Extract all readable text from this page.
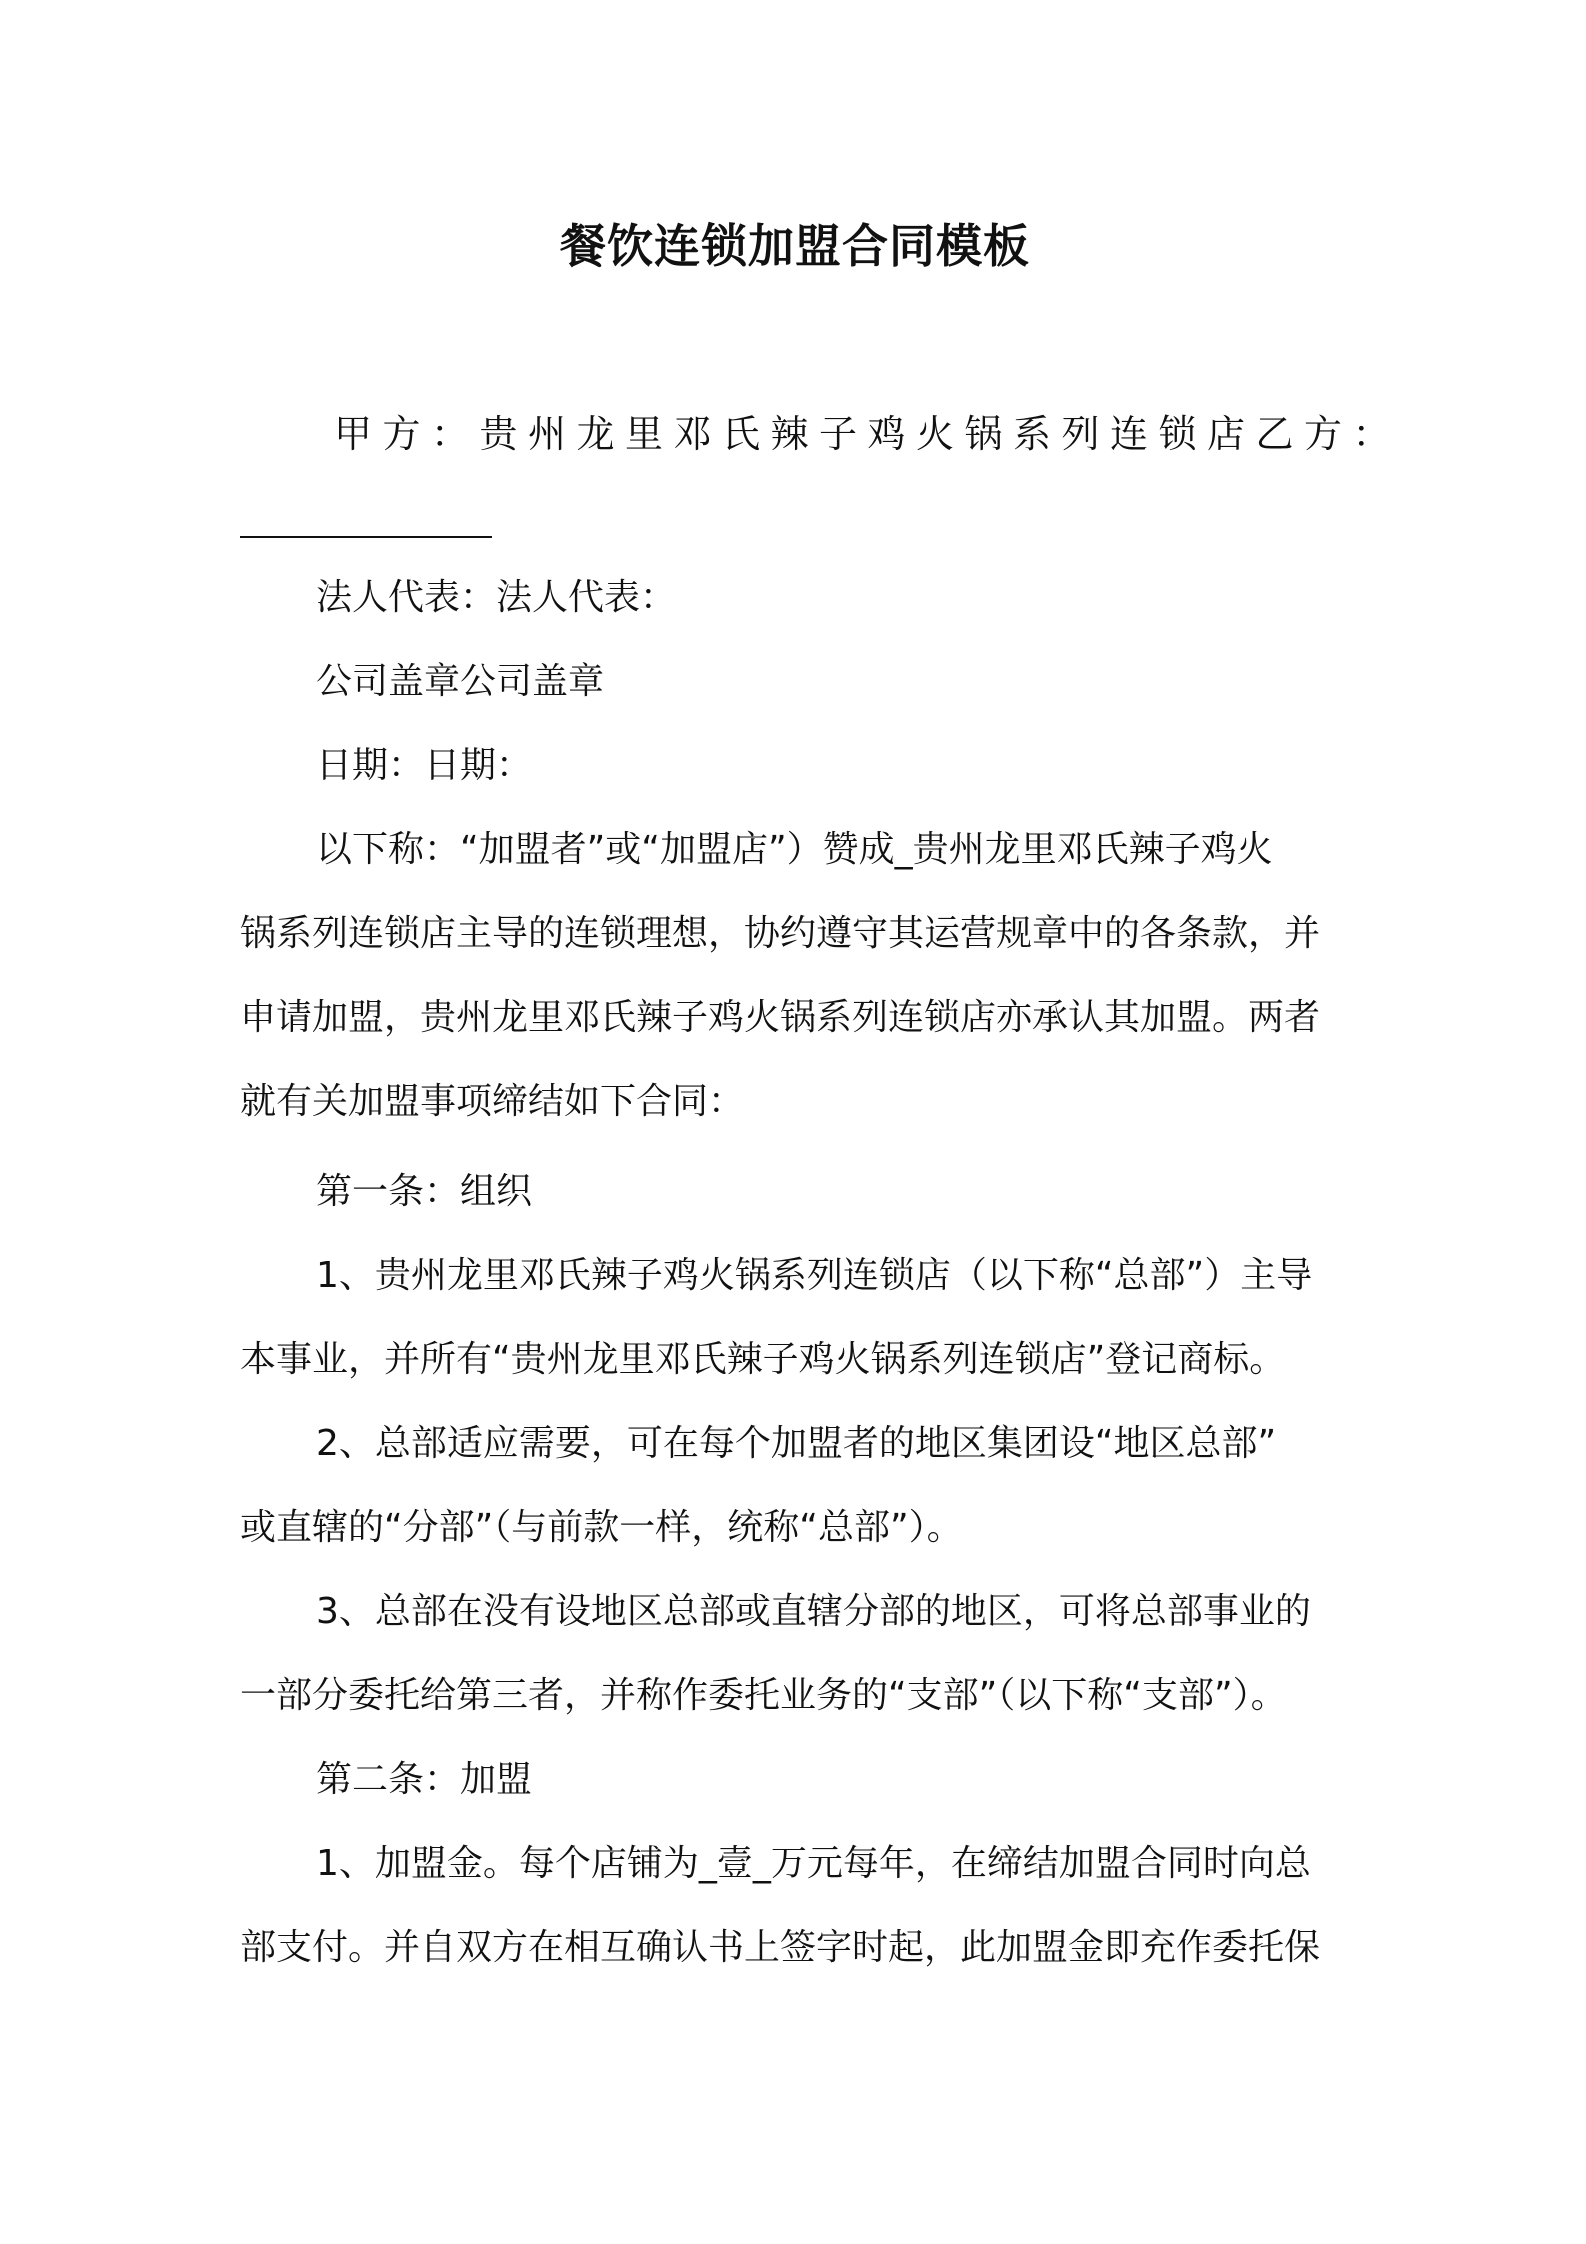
餐饮连锁加盟合同模板
甲方：贵州龙里邓氏辣子鸡火锅系列连锁店乙方：

法人代表：法人代表：

公司盖章公司盖章

日期：日期：

以下称：“加盟者”或“加盟店”）赞成_贵州龙里邓氏辣子鸡火
锅系列连锁店主导的连锁理想，协约遵守其运营规章中的各条款，并
申请加盟，贵州龙里邓氏辣子鸡火锅系列连锁店亦承认其加盟。两者
就有关加盟事项缔结如下合同：

第一条：组织

1、贵州龙里邓氏辣子鸡火锅系列连锁店（以下称“总部”）主导
本事业，并所有“贵州龙里邓氏辣子鸡火锅系列连锁店”登记商标。

2、总部适应需要，可在每个加盟者的地区集团设“地区总部”
或直辖的“分部”（与前款一样，统称“总部”）。

3、总部在没有设地区总部或直辖分部的地区，可将总部事业的
一部分委托给第三者，并称作委托业务的“支部”（以下称“支部”）。

第二条：加盟

1、加盟金。每个店铺为_壹_万元每年，在缔结加盟合同时向总
部支付。并自双方在相互确认书上签字时起，此加盟金即充作委托保
